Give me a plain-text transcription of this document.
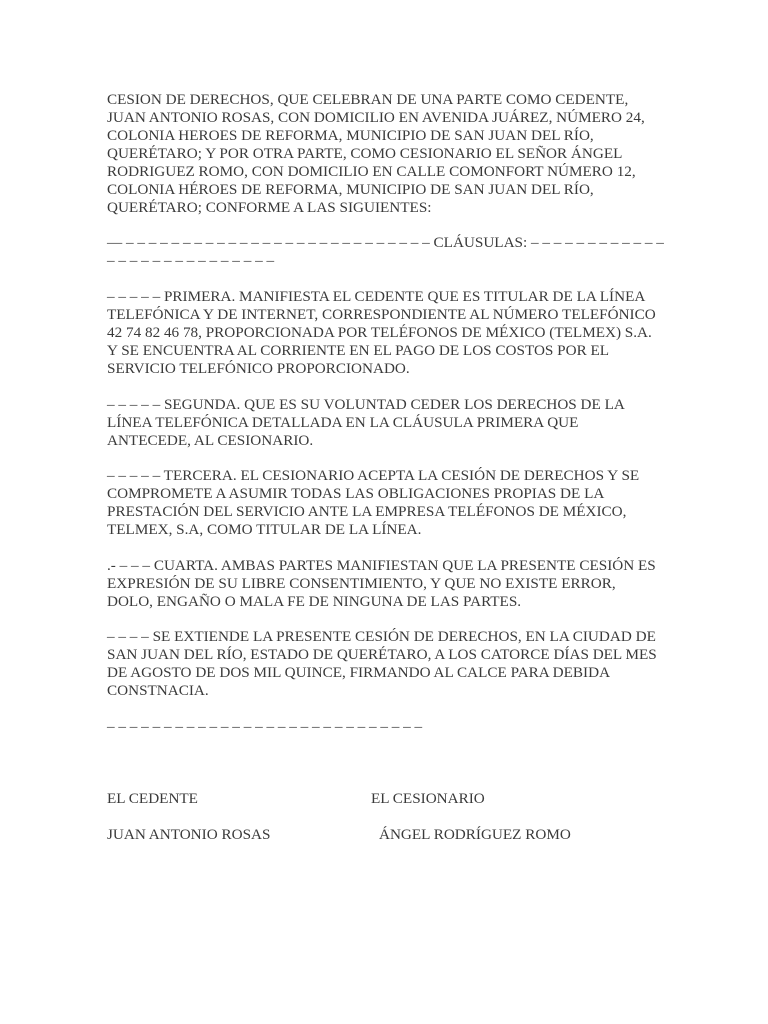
CESION DE DERECHOS, QUE CELEBRAN DE UNA PARTE COMO CEDENTE,
JUAN ANTONIO ROSAS, CON DOMICILIO EN AVENIDA JUÁREZ, NÚMERO 24,
COLONIA HEROES DE REFORMA, MUNICIPIO DE SAN JUAN DEL RÍO,
QUERÉTARO; Y POR OTRA PARTE, COMO CESIONARIO EL SEÑOR ÁNGEL
RODRIGUEZ ROMO, CON DOMICILIO EN CALLE COMONFORT NÚMERO 12,
COLONIA HÉROES DE REFORMA, MUNICIPIO DE SAN JUAN DEL RÍO,
QUERÉTARO; CONFORME A LAS SIGUIENTES:

— – – – – – – – – – – – – – – – – – – – – – – – – – – – CLÁUSULAS: – – – – – – – – – – – –
– – – – – – – – – – – – – – –

– – – – – PRIMERA. MANIFIESTA EL CEDENTE QUE ES TITULAR DE LA LÍNEA
TELEFÓNICA Y DE INTERNET, CORRESPONDIENTE AL NÚMERO TELEFÓNICO
42 74 82 46 78, PROPORCIONADA POR TELÉFONOS DE MÉXICO (TELMEX) S.A.
Y SE ENCUENTRA AL CORRIENTE EN EL PAGO DE LOS COSTOS POR EL
SERVICIO TELEFÓNICO PROPORCIONADO.

– – – – – SEGUNDA. QUE ES SU VOLUNTAD CEDER LOS DERECHOS DE LA
LÍNEA TELEFÓNICA DETALLADA EN LA CLÁUSULA PRIMERA QUE
ANTECEDE, AL CESIONARIO.

– – – – – TERCERA. EL CESIONARIO ACEPTA LA CESIÓN DE DERECHOS Y SE
COMPROMETE A ASUMIR TODAS LAS OBLIGACIONES PROPIAS DE LA
PRESTACIÓN DEL SERVICIO ANTE LA EMPRESA TELÉFONOS DE MÉXICO,
TELMEX, S.A, COMO TITULAR DE LA LÍNEA.

.- – – – CUARTA. AMBAS PARTES MANIFIESTAN QUE LA PRESENTE CESIÓN ES
EXPRESIÓN DE SU LIBRE CONSENTIMIENTO, Y QUE NO EXISTE ERROR,
DOLO, ENGAÑO O MALA FE DE NINGUNA DE LAS PARTES.

– – – – SE EXTIENDE LA PRESENTE CESIÓN DE DERECHOS, EN LA CIUDAD DE
SAN JUAN DEL RÍO, ESTADO DE QUERÉTARO, A LOS CATORCE DÍAS DEL MES
DE AGOSTO DE DOS MIL QUINCE, FIRMANDO AL CALCE PARA DEBIDA
CONSTNACIA.

– – – – – – – – – – – – – – – – – – – – – – – – – – – –

EL CEDENTE	EL CESIONARIO
JUAN ANTONIO ROSAS	ÁNGEL RODRÍGUEZ ROMO
